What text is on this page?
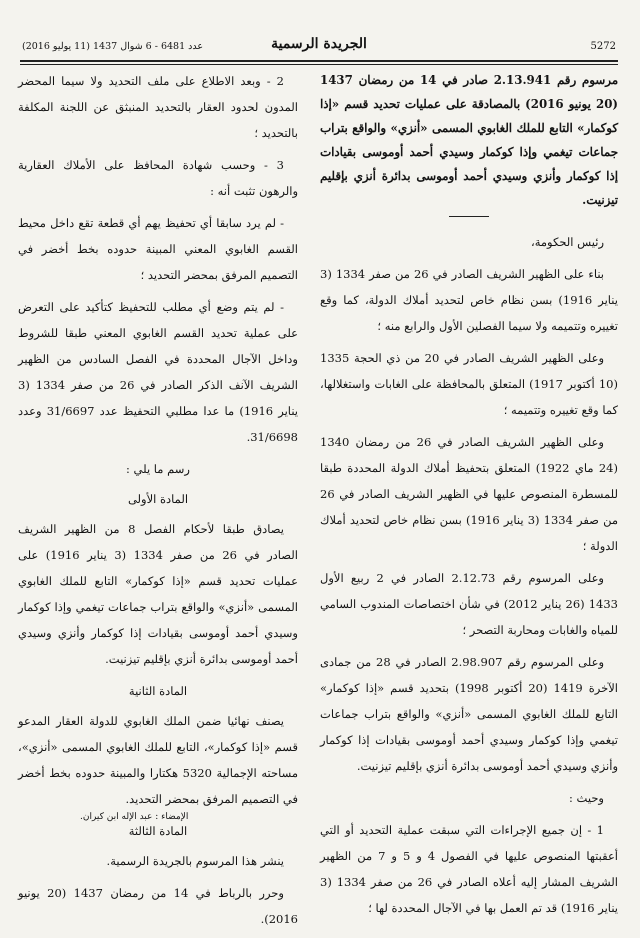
5272
الجريدة الرسمية
عدد 6481 - 6 شوال 1437 (11 يوليو 2016)

مرسوم رقم 2.13.941 صادر في 14 من رمضان 1437 (20 يونيو 2016) بالمصادقة على عمليات تحديد قسم «إذا كوكمار» التابع للملك الغابوي المسمى «أنزي» والواقع بتراب جماعات تيغمي وإذا كوكمار وسيدي أحمد أوموسى بقيادات إذا كوكمار وأنزي وسيدي أحمد أوموسى بدائرة أنزي بإقليم تيزنيت.

رئيس الحكومة،

بناء على الظهير الشريف الصادر في 26 من صفر 1334 (3 يناير 1916) بسن نظام خاص لتحديد أملاك الدولة، كما وقع تغييره وتتميمه ولا سيما الفصلين الأول والرابع منه ؛

وعلى الظهير الشريف الصادر في 20 من ذي الحجة 1335 (10 أكتوبر 1917) المتعلق بالمحافظة على الغابات واستغلالها، كما وقع تغييره وتتميمه ؛

وعلى الظهير الشريف الصادر في 26 من رمضان 1340 (24 ماي 1922) المتعلق بتحفيظ أملاك الدولة المحددة طبقا للمسطرة المنصوص عليها في الظهير الشريف الصادر في 26 من صفر 1334 (3 يناير 1916) بسن نظام خاص لتحديد أملاك الدولة ؛

وعلى المرسوم رقم 2.12.73 الصادر في 2 ربيع الأول 1433 (26 يناير 2012) في شأن اختصاصات المندوب السامي للمياه والغابات ومحاربة التصحر ؛

وعلى المرسوم رقم 2.98.907 الصادر في 28 من جمادى الآخرة 1419 (20 أكتوبر 1998) بتحديد قسم «إذا كوكمار» التابع للملك الغابوي المسمى «أنزي» والواقع بتراب جماعات تيغمي وإذا كوكمار وسيدي أحمد أوموسى بقيادات إذا كوكمار وأنزي وسيدي أحمد أوموسى بدائرة أنزي بإقليم تيزنيت.

وحيث :

1 - إن جميع الإجراءات التي سبقت عملية التحديد أو التي أعقبتها المنصوص عليها في الفصول 4 و 5 و 7 من الظهير الشريف المشار إليه أعلاه الصادر في 26 من صفر 1334 (3 يناير 1916) قد تم العمل بها في الآجال المحددة لها ؛

2 - وبعد الاطلاع على ملف التحديد ولا سيما المحضر المدون لحدود العقار بالتحديد المنبثق عن اللجنة المكلفة بالتحديد ؛

3 - وحسب شهادة المحافظ على الأملاك العقارية والرهون تثبت أنه :

- لم يرد سابقا أي تحفيظ يهم أي قطعة تقع داخل محيط القسم الغابوي المعني المبينة حدوده بخط أخضر في التصميم المرفق بمحضر التحديد ؛

- لم يتم وضع أي مطلب للتحفيظ كتأكيد على التعرض على عملية تحديد القسم الغابوي المعني طبقا للشروط وداخل الآجال المحددة في الفصل السادس من الظهير الشريف الآنف الذكر الصادر في 26 من صفر 1334 (3 يناير 1916) ما عدا مطلبي التحفيظ عدد 31/6697 وعدد 31/6698.

رسم ما يلي :

المادة الأولى

يصادق طبقا لأحكام الفصل 8 من الظهير الشريف الصادر في 26 من صفر 1334 (3 يناير 1916) على عمليات تحديد قسم «إذا كوكمار» التابع للملك الغابوي المسمى «أنزي» والواقع بتراب جماعات تيغمي وإذا كوكمار وسيدي أحمد أوموسى بقيادات إذا كوكمار وأنزي وسيدي أحمد أوموسى بدائرة أنزي بإقليم تيزنيت.

المادة الثانية

يصنف نهائيا ضمن الملك الغابوي للدولة العقار المدعو قسم «إذا كوكمار»، التابع للملك الغابوي المسمى «أنزي»، مساحته الإجمالية 5320 هكتارا والمبينة حدوده بخط أخضر في التصميم المرفق بمحضر التحديد.

المادة الثالثة

ينشر هذا المرسوم بالجريدة الرسمية.

وحرر بالرباط في 14 من رمضان 1437 (20 يونيو 2016).

الإمضاء : عبد الإله ابن كيران.
